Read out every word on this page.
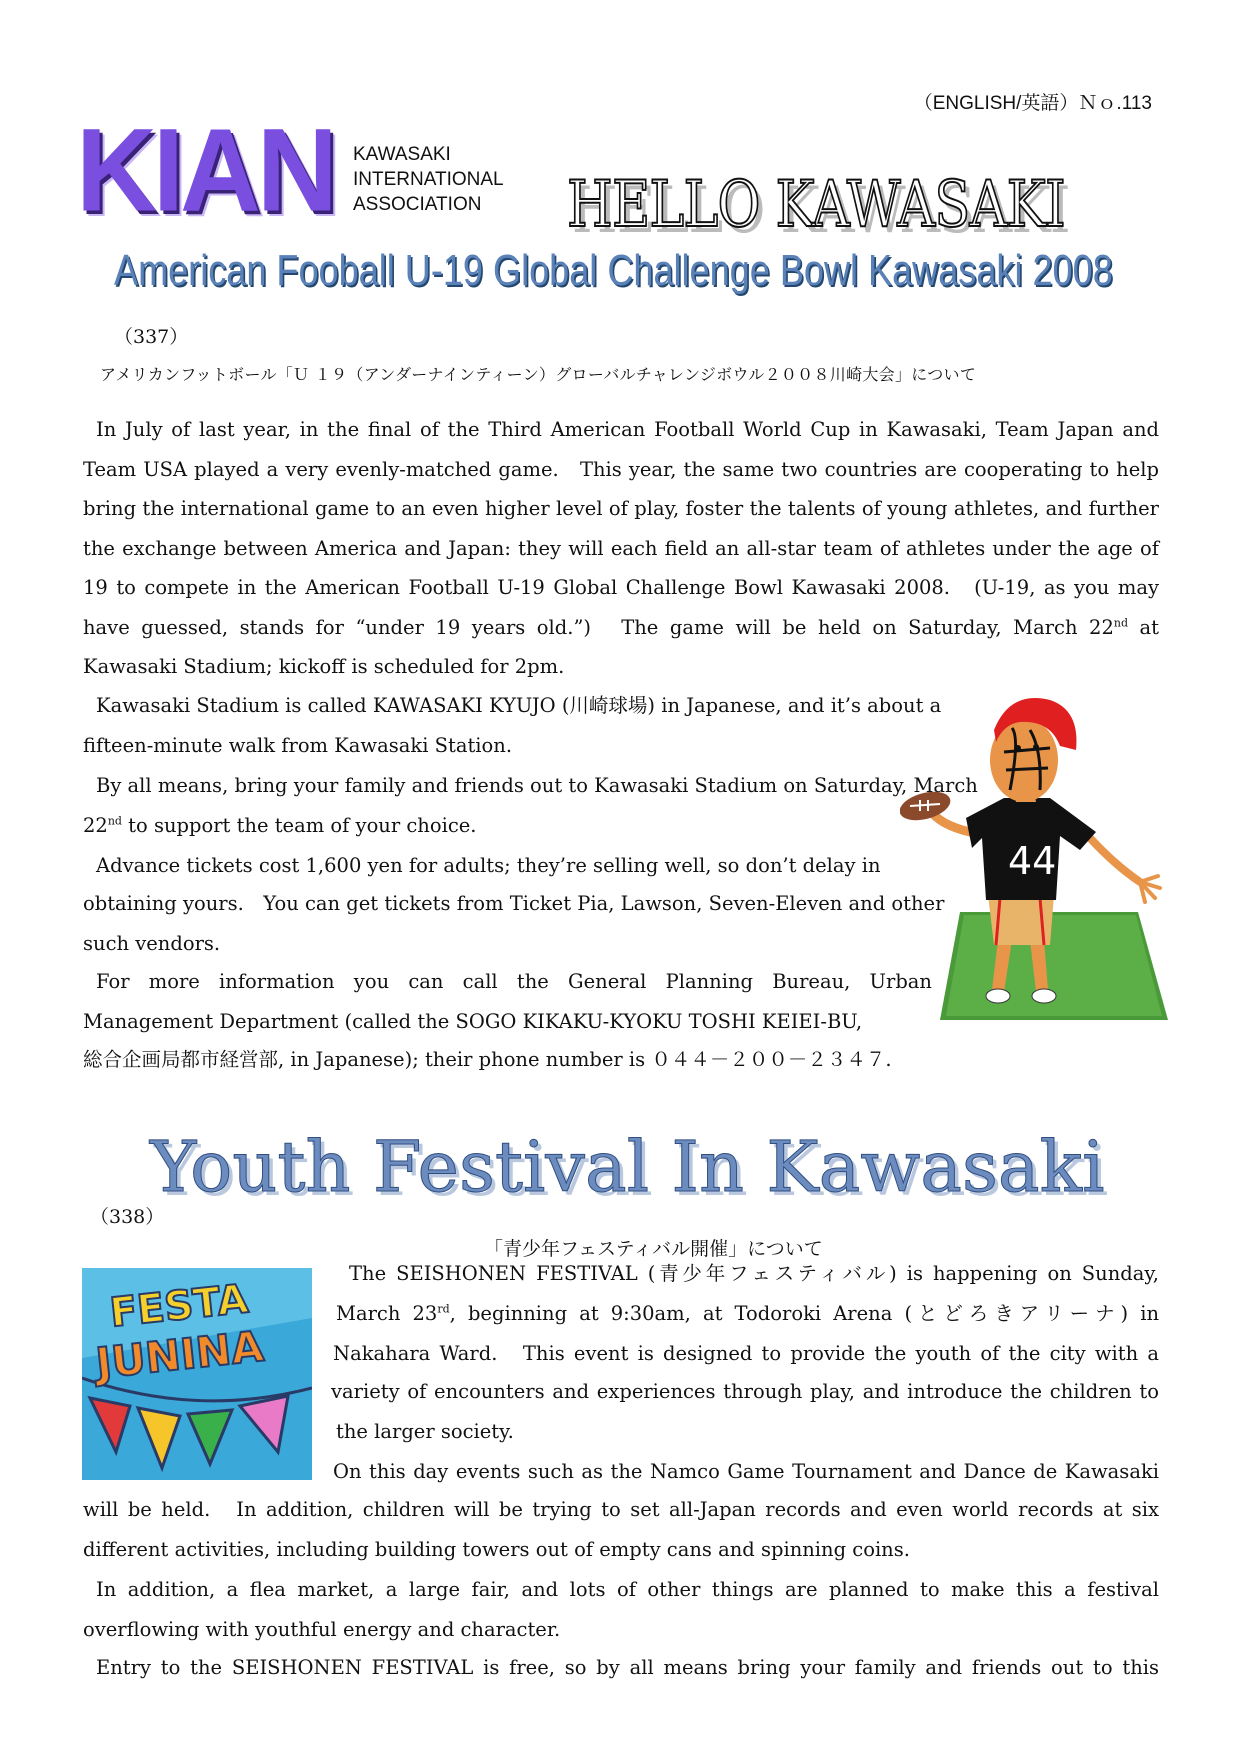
（ENGLISH/英語）Ｎｏ.113
KIAN KAWASAKI
INTERNATIONAL
ASSOCIATION	HELLO KAWASAKI
American Fooball U-19 Global Challenge Bowl Kawasaki 2008
（337）
アメリカンフットボール「Ｕ １９（アンダーナインティーン）グローバルチャレンジボウル２００８川崎大会」について

In July of last year, in the final of the Third American Football World Cup in Kawasaki, Team Japan and Team USA played a very evenly-matched game.　This year, the same two countries are cooperating to help bring the international game to an even higher level of play, foster the talents of young athletes, and further the exchange between America and Japan: they will each field an all-star team of athletes under the age of 19 to compete in the American Football U-19 Global Challenge Bowl Kawasaki 2008.　(U-19, as you may have guessed, stands for “under 19 years old.”)　The game will be held on Saturday, March 22nd at Kawasaki Stadium; kickoff is scheduled for 2pm.

Kawasaki Stadium is called KAWASAKI KYUJO (川崎球場) in Japanese, and it’s about a
fifteen-minute walk from Kawasaki Station.
By all means, bring your family and friends out to Kawasaki Stadium on Saturday, March
22nd to support the team of your choice.
Advance tickets cost 1,600 yen for adults; they’re selling well, so don’t delay in
obtaining yours.　You can get tickets from Ticket Pia, Lawson, Seven-Eleven and other
such vendors.
For more information you can call the General Planning Bureau, Urban
Management Department (called the SOGO KIKAKU-KYOKU TOSHI KEIEI-BU,
総合企画局都市経営部, in Japanese); their phone number is ０４４－２００－２３４７.
44
Youth Festival In Kawasaki
（338）
「青少年フェスティバル開催」について
FESTA
JUNINA
The SEISHONEN FESTIVAL (青少年フェスティバル) is happening on Sunday,
March 23rd, beginning at 9:30am, at Todoroki Arena (とどろきアリーナ) in
Nakahara Ward.　This event is designed to provide the youth of the city with a
variety of encounters and experiences through play, and introduce the children to
the larger society.
On this day events such as the Namco Game Tournament and Dance de Kawasaki

will be held.　In addition, children will be trying to set all-Japan records and even world records at six different activities, including building towers out of empty cans and spinning coins.

In addition, a flea market, a large fair, and lots of other things are planned to make this a festival overflowing with youthful energy and character.

Entry to the SEISHONEN FESTIVAL is free, so by all means bring your family and friends out to this
